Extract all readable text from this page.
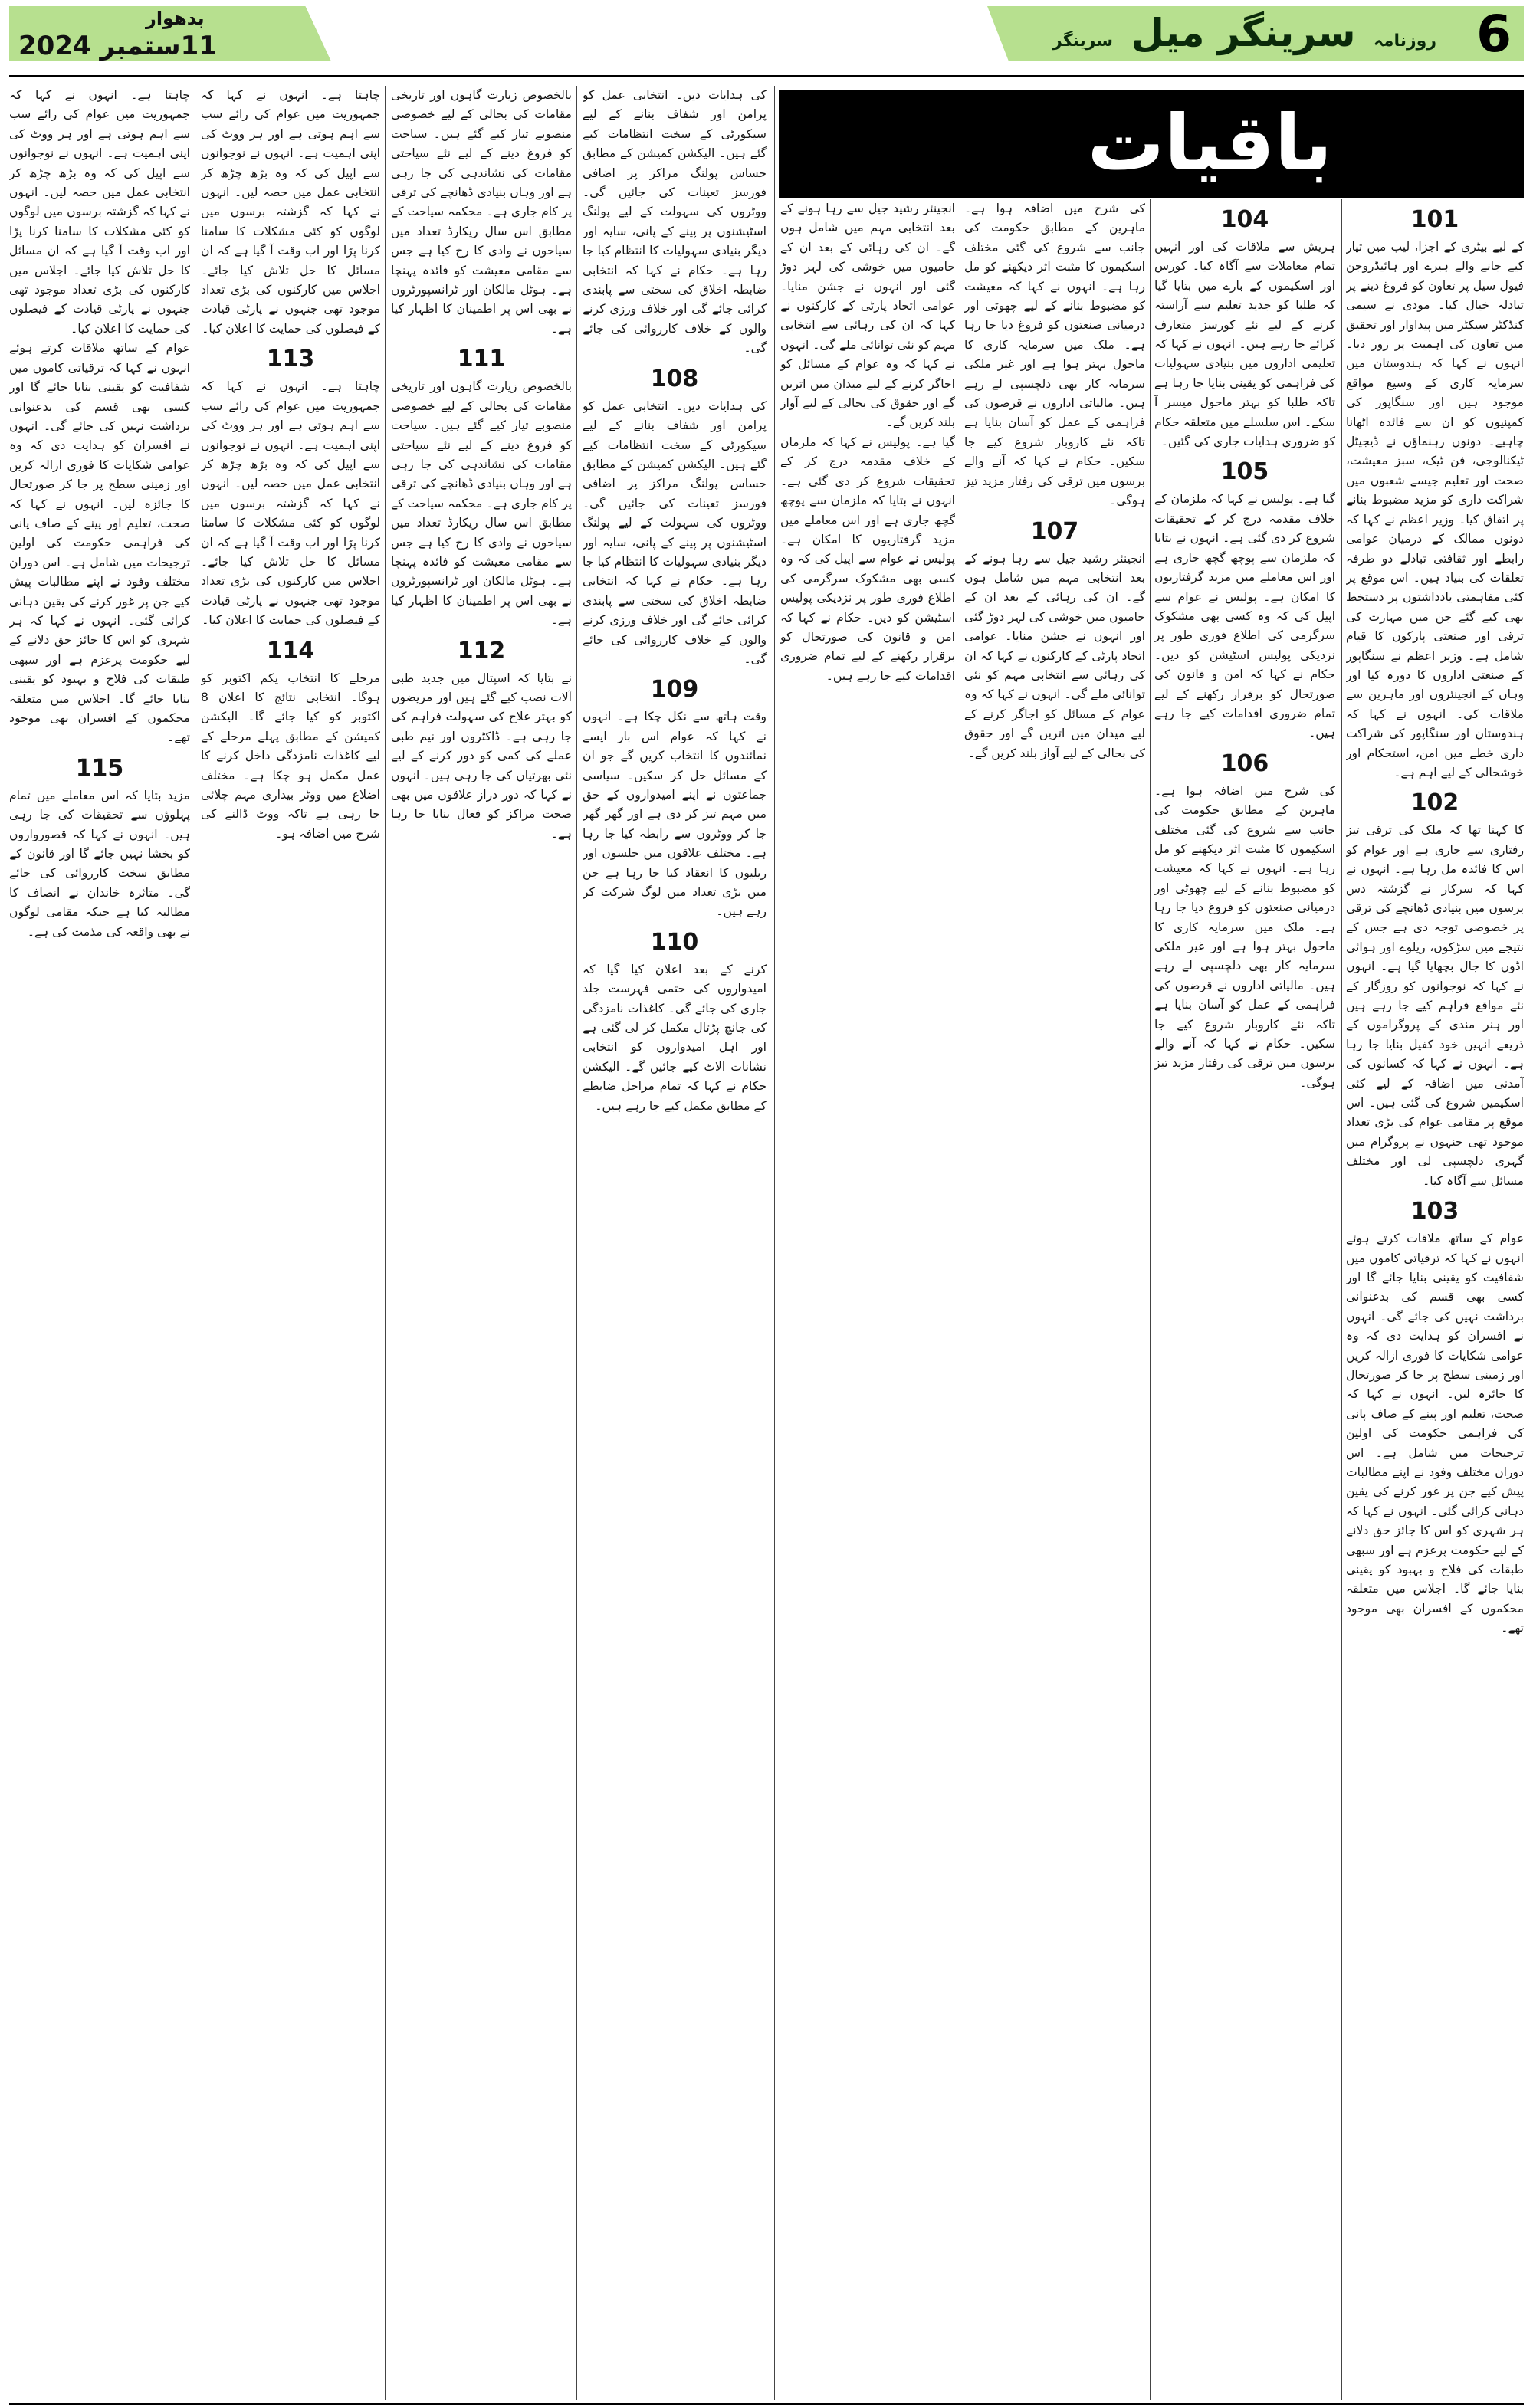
6
روزنامہ سرینگر میل سرینگر
بدھوار
11ستمبر 2024
باقیات
101

کے لیے بیٹری کے اجزا، لیب میں تیار کیے جانے والے ہیرے اور ہائیڈروجن فیول سیل پر تعاون کو فروغ دینے پر تبادلہ خیال کیا۔ مودی نے سیمی کنڈکٹر سیکٹر میں پیداوار اور تحقیق میں تعاون کی اہمیت پر زور دیا۔ انہوں نے کہا کہ ہندوستان میں سرمایہ کاری کے وسیع مواقع موجود ہیں اور سنگاپور کی کمپنیوں کو ان سے فائدہ اٹھانا چاہیے۔ دونوں رہنماؤں نے ڈیجیٹل ٹیکنالوجی، فن ٹیک، سبز معیشت، صحت اور تعلیم جیسے شعبوں میں شراکت داری کو مزید مضبوط بنانے پر اتفاق کیا۔ وزیر اعظم نے کہا کہ دونوں ممالک کے درمیان عوامی رابطے اور ثقافتی تبادلے دو طرفہ تعلقات کی بنیاد ہیں۔ اس موقع پر کئی مفاہمتی یادداشتوں پر دستخط بھی کیے گئے جن میں مہارت کی ترقی اور صنعتی پارکوں کا قیام شامل ہے۔ وزیر اعظم نے سنگاپور کے صنعتی اداروں کا دورہ کیا اور وہاں کے انجینئروں اور ماہرین سے ملاقات کی۔ انہوں نے کہا کہ ہندوستان اور سنگاپور کی شراکت داری خطے میں امن، استحکام اور خوشحالی کے لیے اہم ہے۔

102

کا کہنا تھا کہ ملک کی ترقی تیز رفتاری سے جاری ہے اور عوام کو اس کا فائدہ مل رہا ہے۔ انہوں نے کہا کہ سرکار نے گزشتہ دس برسوں میں بنیادی ڈھانچے کی ترقی پر خصوصی توجہ دی ہے جس کے نتیجے میں سڑکوں، ریلوے اور ہوائی اڈوں کا جال بچھایا گیا ہے۔ انہوں نے کہا کہ نوجوانوں کو روزگار کے نئے مواقع فراہم کیے جا رہے ہیں اور ہنر مندی کے پروگراموں کے ذریعے انہیں خود کفیل بنایا جا رہا ہے۔ انہوں نے کہا کہ کسانوں کی آمدنی میں اضافہ کے لیے کئی اسکیمیں شروع کی گئی ہیں۔ اس موقع پر مقامی عوام کی بڑی تعداد موجود تھی جنہوں نے پروگرام میں گہری دلچسپی لی اور مختلف مسائل سے آگاہ کیا۔

103

عوام کے ساتھ ملاقات کرتے ہوئے انہوں نے کہا کہ ترقیاتی کاموں میں شفافیت کو یقینی بنایا جائے گا اور کسی بھی قسم کی بدعنوانی برداشت نہیں کی جائے گی۔ انہوں نے افسران کو ہدایت دی کہ وہ عوامی شکایات کا فوری ازالہ کریں اور زمینی سطح پر جا کر صورتحال کا جائزہ لیں۔ انہوں نے کہا کہ صحت، تعلیم اور پینے کے صاف پانی کی فراہمی حکومت کی اولین ترجیحات میں شامل ہے۔ اس دوران مختلف وفود نے اپنے مطالبات پیش کیے جن پر غور کرنے کی یقین دہانی کرائی گئی۔ انہوں نے کہا کہ ہر شہری کو اس کا جائز حق دلانے کے لیے حکومت پرعزم ہے اور سبھی طبقات کی فلاح و بہبود کو یقینی بنایا جائے گا۔ اجلاس میں متعلقہ محکموں کے افسران بھی موجود تھے۔

104

ہریش سے ملاقات کی اور انہیں تمام معاملات سے آگاہ کیا۔ کورس اور اسکیموں کے بارے میں بتایا گیا کہ طلبا کو جدید تعلیم سے آراستہ کرنے کے لیے نئے کورسز متعارف کرائے جا رہے ہیں۔ انہوں نے کہا کہ تعلیمی اداروں میں بنیادی سہولیات کی فراہمی کو یقینی بنایا جا رہا ہے تاکہ طلبا کو بہتر ماحول میسر آ سکے۔ اس سلسلے میں متعلقہ حکام کو ضروری ہدایات جاری کی گئیں۔

105

گیا ہے۔ پولیس نے کہا کہ ملزمان کے خلاف مقدمہ درج کر کے تحقیقات شروع کر دی گئی ہے۔ انہوں نے بتایا کہ ملزمان سے پوچھ گچھ جاری ہے اور اس معاملے میں مزید گرفتاریوں کا امکان ہے۔ پولیس نے عوام سے اپیل کی کہ وہ کسی بھی مشکوک سرگرمی کی اطلاع فوری طور پر نزدیکی پولیس اسٹیشن کو دیں۔ حکام نے کہا کہ امن و قانون کی صورتحال کو برقرار رکھنے کے لیے تمام ضروری اقدامات کیے جا رہے ہیں۔

106

کی شرح میں اضافہ ہوا ہے۔ ماہرین کے مطابق حکومت کی جانب سے شروع کی گئی مختلف اسکیموں کا مثبت اثر دیکھنے کو مل رہا ہے۔ انہوں نے کہا کہ معیشت کو مضبوط بنانے کے لیے چھوٹی اور درمیانی صنعتوں کو فروغ دیا جا رہا ہے۔ ملک میں سرمایہ کاری کا ماحول بہتر ہوا ہے اور غیر ملکی سرمایہ کار بھی دلچسپی لے رہے ہیں۔ مالیاتی اداروں نے قرضوں کی فراہمی کے عمل کو آسان بنایا ہے تاکہ نئے کاروبار شروع کیے جا سکیں۔ حکام نے کہا کہ آنے والے برسوں میں ترقی کی رفتار مزید تیز ہوگی۔

کی شرح میں اضافہ ہوا ہے۔ ماہرین کے مطابق حکومت کی جانب سے شروع کی گئی مختلف اسکیموں کا مثبت اثر دیکھنے کو مل رہا ہے۔ انہوں نے کہا کہ معیشت کو مضبوط بنانے کے لیے چھوٹی اور درمیانی صنعتوں کو فروغ دیا جا رہا ہے۔ ملک میں سرمایہ کاری کا ماحول بہتر ہوا ہے اور غیر ملکی سرمایہ کار بھی دلچسپی لے رہے ہیں۔ مالیاتی اداروں نے قرضوں کی فراہمی کے عمل کو آسان بنایا ہے تاکہ نئے کاروبار شروع کیے جا سکیں۔ حکام نے کہا کہ آنے والے برسوں میں ترقی کی رفتار مزید تیز ہوگی۔

107

انجینئر رشید جیل سے رہا ہونے کے بعد انتخابی مہم میں شامل ہوں گے۔ ان کی رہائی کے بعد ان کے حامیوں میں خوشی کی لہر دوڑ گئی اور انہوں نے جشن منایا۔ عوامی اتحاد پارٹی کے کارکنوں نے کہا کہ ان کی رہائی سے انتخابی مہم کو نئی توانائی ملے گی۔ انہوں نے کہا کہ وہ عوام کے مسائل کو اجاگر کرنے کے لیے میدان میں اتریں گے اور حقوق کی بحالی کے لیے آواز بلند کریں گے۔

انجینئر رشید جیل سے رہا ہونے کے بعد انتخابی مہم میں شامل ہوں گے۔ ان کی رہائی کے بعد ان کے حامیوں میں خوشی کی لہر دوڑ گئی اور انہوں نے جشن منایا۔ عوامی اتحاد پارٹی کے کارکنوں نے کہا کہ ان کی رہائی سے انتخابی مہم کو نئی توانائی ملے گی۔ انہوں نے کہا کہ وہ عوام کے مسائل کو اجاگر کرنے کے لیے میدان میں اتریں گے اور حقوق کی بحالی کے لیے آواز بلند کریں گے۔

گیا ہے۔ پولیس نے کہا کہ ملزمان کے خلاف مقدمہ درج کر کے تحقیقات شروع کر دی گئی ہے۔ انہوں نے بتایا کہ ملزمان سے پوچھ گچھ جاری ہے اور اس معاملے میں مزید گرفتاریوں کا امکان ہے۔ پولیس نے عوام سے اپیل کی کہ وہ کسی بھی مشکوک سرگرمی کی اطلاع فوری طور پر نزدیکی پولیس اسٹیشن کو دیں۔ حکام نے کہا کہ امن و قانون کی صورتحال کو برقرار رکھنے کے لیے تمام ضروری اقدامات کیے جا رہے ہیں۔

کی ہدایات دیں۔ انتخابی عمل کو پرامن اور شفاف بنانے کے لیے سیکورٹی کے سخت انتظامات کیے گئے ہیں۔ الیکشن کمیشن کے مطابق حساس پولنگ مراکز پر اضافی فورسز تعینات کی جائیں گی۔ ووٹروں کی سہولت کے لیے پولنگ اسٹیشنوں پر پینے کے پانی، سایہ اور دیگر بنیادی سہولیات کا انتظام کیا جا رہا ہے۔ حکام نے کہا کہ انتخابی ضابطہ اخلاق کی سختی سے پابندی کرائی جائے گی اور خلاف ورزی کرنے والوں کے خلاف کارروائی کی جائے گی۔

108

کی ہدایات دیں۔ انتخابی عمل کو پرامن اور شفاف بنانے کے لیے سیکورٹی کے سخت انتظامات کیے گئے ہیں۔ الیکشن کمیشن کے مطابق حساس پولنگ مراکز پر اضافی فورسز تعینات کی جائیں گی۔ ووٹروں کی سہولت کے لیے پولنگ اسٹیشنوں پر پینے کے پانی، سایہ اور دیگر بنیادی سہولیات کا انتظام کیا جا رہا ہے۔ حکام نے کہا کہ انتخابی ضابطہ اخلاق کی سختی سے پابندی کرائی جائے گی اور خلاف ورزی کرنے والوں کے خلاف کارروائی کی جائے گی۔

109

وقت ہاتھ سے نکل چکا ہے۔ انہوں نے کہا کہ عوام اس بار ایسے نمائندوں کا انتخاب کریں گے جو ان کے مسائل حل کر سکیں۔ سیاسی جماعتوں نے اپنے امیدواروں کے حق میں مہم تیز کر دی ہے اور گھر گھر جا کر ووٹروں سے رابطہ کیا جا رہا ہے۔ مختلف علاقوں میں جلسوں اور ریلیوں کا انعقاد کیا جا رہا ہے جن میں بڑی تعداد میں لوگ شرکت کر رہے ہیں۔

110

کرنے کے بعد اعلان کیا گیا کہ امیدواروں کی حتمی فہرست جلد جاری کی جائے گی۔ کاغذات نامزدگی کی جانچ پڑتال مکمل کر لی گئی ہے اور اہل امیدواروں کو انتخابی نشانات الاٹ کیے جائیں گے۔ الیکشن حکام نے کہا کہ تمام مراحل ضابطے کے مطابق مکمل کیے جا رہے ہیں۔

بالخصوص زیارت گاہوں اور تاریخی مقامات کی بحالی کے لیے خصوصی منصوبے تیار کیے گئے ہیں۔ سیاحت کو فروغ دینے کے لیے نئے سیاحتی مقامات کی نشاندہی کی جا رہی ہے اور وہاں بنیادی ڈھانچے کی ترقی پر کام جاری ہے۔ محکمہ سیاحت کے مطابق اس سال ریکارڈ تعداد میں سیاحوں نے وادی کا رخ کیا ہے جس سے مقامی معیشت کو فائدہ پہنچا ہے۔ ہوٹل مالکان اور ٹرانسپورٹروں نے بھی اس پر اطمینان کا اظہار کیا ہے۔

111

بالخصوص زیارت گاہوں اور تاریخی مقامات کی بحالی کے لیے خصوصی منصوبے تیار کیے گئے ہیں۔ سیاحت کو فروغ دینے کے لیے نئے سیاحتی مقامات کی نشاندہی کی جا رہی ہے اور وہاں بنیادی ڈھانچے کی ترقی پر کام جاری ہے۔ محکمہ سیاحت کے مطابق اس سال ریکارڈ تعداد میں سیاحوں نے وادی کا رخ کیا ہے جس سے مقامی معیشت کو فائدہ پہنچا ہے۔ ہوٹل مالکان اور ٹرانسپورٹروں نے بھی اس پر اطمینان کا اظہار کیا ہے۔

112

نے بتایا کہ اسپتال میں جدید طبی آلات نصب کیے گئے ہیں اور مریضوں کو بہتر علاج کی سہولت فراہم کی جا رہی ہے۔ ڈاکٹروں اور نیم طبی عملے کی کمی کو دور کرنے کے لیے نئی بھرتیاں کی جا رہی ہیں۔ انہوں نے کہا کہ دور دراز علاقوں میں بھی صحت مراکز کو فعال بنایا جا رہا ہے۔

چاہتا ہے۔ انہوں نے کہا کہ جمہوریت میں عوام کی رائے سب سے اہم ہوتی ہے اور ہر ووٹ کی اپنی اہمیت ہے۔ انہوں نے نوجوانوں سے اپیل کی کہ وہ بڑھ چڑھ کر انتخابی عمل میں حصہ لیں۔ انہوں نے کہا کہ گزشتہ برسوں میں لوگوں کو کئی مشکلات کا سامنا کرنا پڑا اور اب وقت آ گیا ہے کہ ان مسائل کا حل تلاش کیا جائے۔ اجلاس میں کارکنوں کی بڑی تعداد موجود تھی جنہوں نے پارٹی قیادت کے فیصلوں کی حمایت کا اعلان کیا۔

113

چاہتا ہے۔ انہوں نے کہا کہ جمہوریت میں عوام کی رائے سب سے اہم ہوتی ہے اور ہر ووٹ کی اپنی اہمیت ہے۔ انہوں نے نوجوانوں سے اپیل کی کہ وہ بڑھ چڑھ کر انتخابی عمل میں حصہ لیں۔ انہوں نے کہا کہ گزشتہ برسوں میں لوگوں کو کئی مشکلات کا سامنا کرنا پڑا اور اب وقت آ گیا ہے کہ ان مسائل کا حل تلاش کیا جائے۔ اجلاس میں کارکنوں کی بڑی تعداد موجود تھی جنہوں نے پارٹی قیادت کے فیصلوں کی حمایت کا اعلان کیا۔

114

مرحلے کا انتخاب یکم اکتوبر کو ہوگا۔ انتخابی نتائج کا اعلان 8 اکتوبر کو کیا جائے گا۔ الیکشن کمیشن کے مطابق پہلے مرحلے کے لیے کاغذات نامزدگی داخل کرنے کا عمل مکمل ہو چکا ہے۔ مختلف اضلاع میں ووٹر بیداری مہم چلائی جا رہی ہے تاکہ ووٹ ڈالنے کی شرح میں اضافہ ہو۔

چاہتا ہے۔ انہوں نے کہا کہ جمہوریت میں عوام کی رائے سب سے اہم ہوتی ہے اور ہر ووٹ کی اپنی اہمیت ہے۔ انہوں نے نوجوانوں سے اپیل کی کہ وہ بڑھ چڑھ کر انتخابی عمل میں حصہ لیں۔ انہوں نے کہا کہ گزشتہ برسوں میں لوگوں کو کئی مشکلات کا سامنا کرنا پڑا اور اب وقت آ گیا ہے کہ ان مسائل کا حل تلاش کیا جائے۔ اجلاس میں کارکنوں کی بڑی تعداد موجود تھی جنہوں نے پارٹی قیادت کے فیصلوں کی حمایت کا اعلان کیا۔

عوام کے ساتھ ملاقات کرتے ہوئے انہوں نے کہا کہ ترقیاتی کاموں میں شفافیت کو یقینی بنایا جائے گا اور کسی بھی قسم کی بدعنوانی برداشت نہیں کی جائے گی۔ انہوں نے افسران کو ہدایت دی کہ وہ عوامی شکایات کا فوری ازالہ کریں اور زمینی سطح پر جا کر صورتحال کا جائزہ لیں۔ انہوں نے کہا کہ صحت، تعلیم اور پینے کے صاف پانی کی فراہمی حکومت کی اولین ترجیحات میں شامل ہے۔ اس دوران مختلف وفود نے اپنے مطالبات پیش کیے جن پر غور کرنے کی یقین دہانی کرائی گئی۔ انہوں نے کہا کہ ہر شہری کو اس کا جائز حق دلانے کے لیے حکومت پرعزم ہے اور سبھی طبقات کی فلاح و بہبود کو یقینی بنایا جائے گا۔ اجلاس میں متعلقہ محکموں کے افسران بھی موجود تھے۔

115

مزید بتایا کہ اس معاملے میں تمام پہلوؤں سے تحقیقات کی جا رہی ہیں۔ انہوں نے کہا کہ قصورواروں کو بخشا نہیں جائے گا اور قانون کے مطابق سخت کارروائی کی جائے گی۔ متاثرہ خاندان نے انصاف کا مطالبہ کیا ہے جبکہ مقامی لوگوں نے بھی واقعہ کی مذمت کی ہے۔
